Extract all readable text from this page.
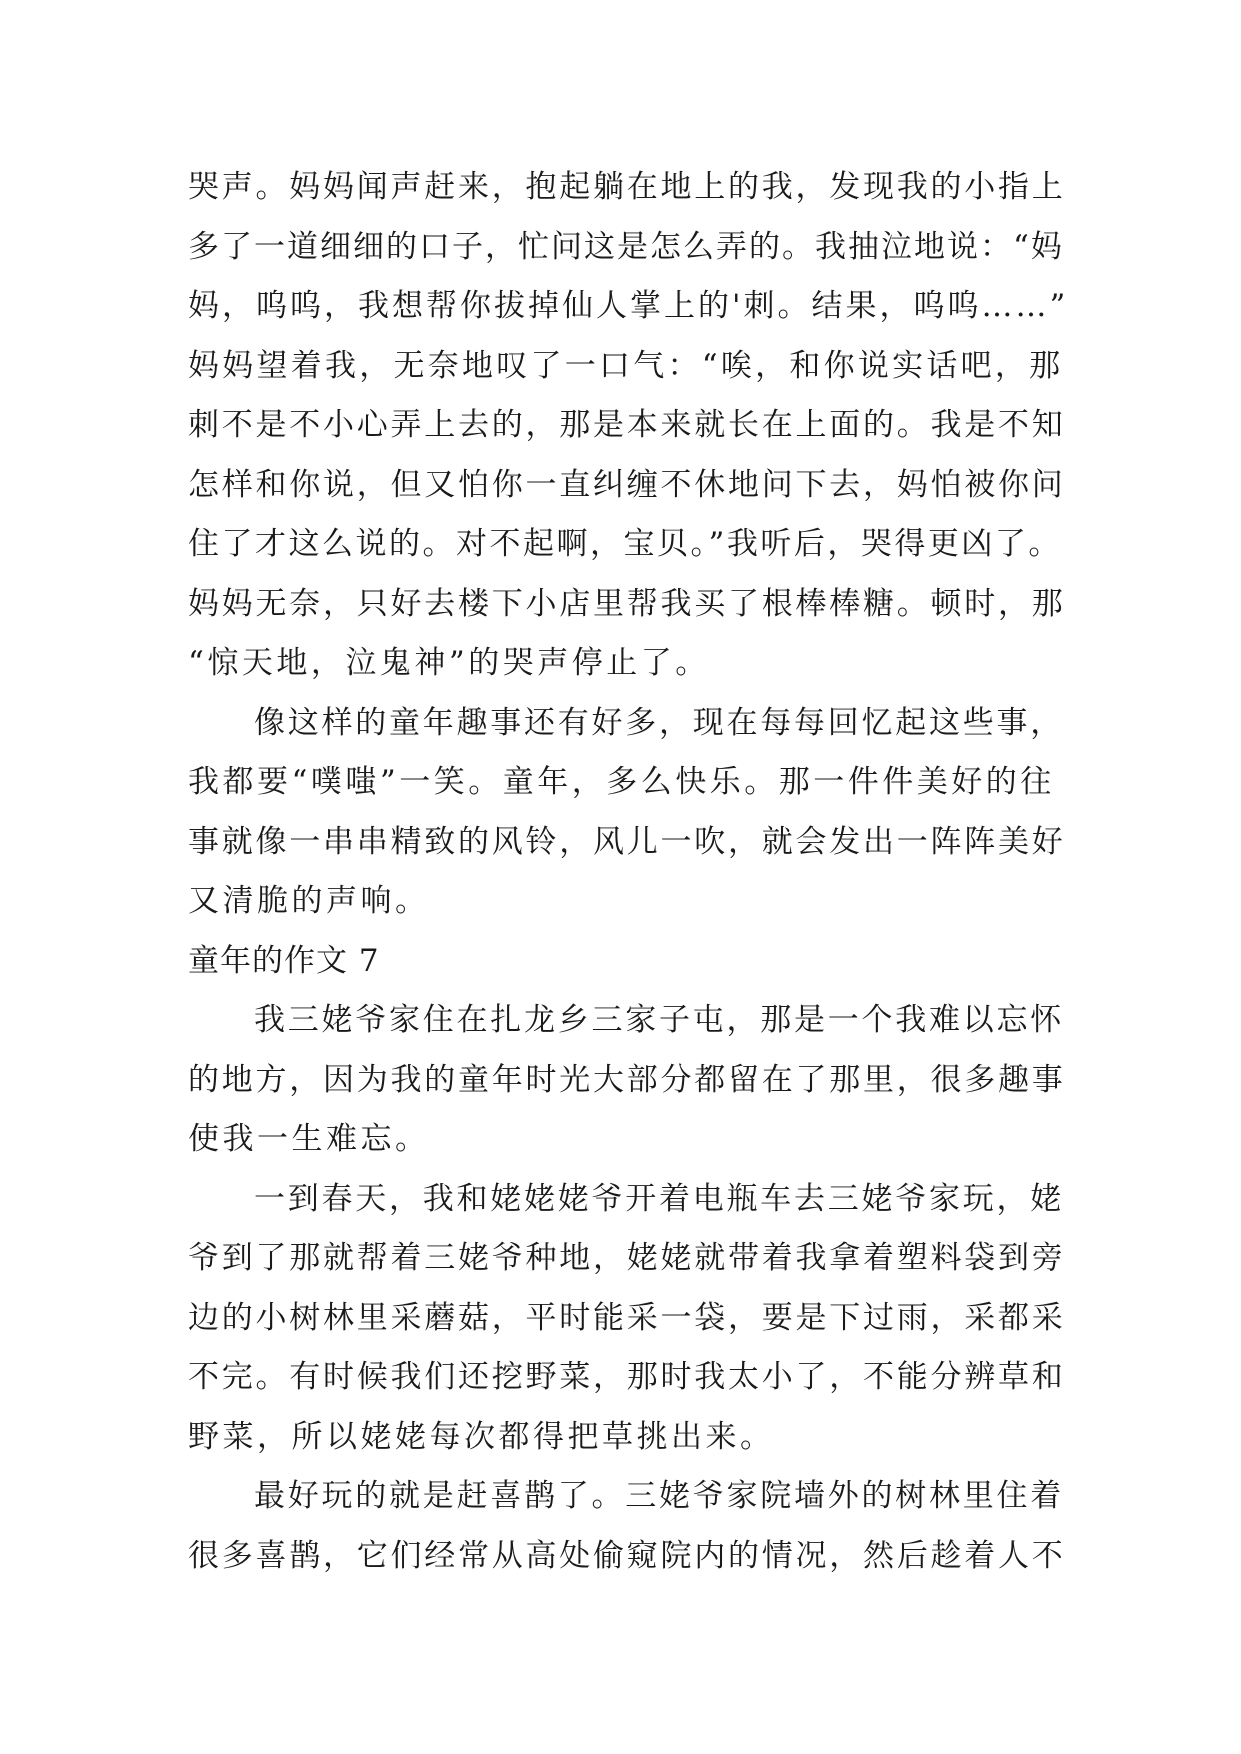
哭声。妈妈闻声赶来，抱起躺在地上的我，发现我的小指上
多了一道细细的口子，忙问这是怎么弄的。我抽泣地说：“妈
妈，呜呜，我想帮你拔掉仙人掌上的'刺。结果，呜呜……”
妈妈望着我，无奈地叹了一口气：“唉，和你说实话吧，那
刺不是不小心弄上去的，那是本来就长在上面的。我是不知
怎样和你说，但又怕你一直纠缠不休地问下去，妈怕被你问
住了才这么说的。对不起啊，宝贝。”我听后，哭得更凶了。
妈妈无奈，只好去楼下小店里帮我买了根棒棒糖。顿时，那
“惊天地，泣鬼神”的哭声停止了。
像这样的童年趣事还有好多，现在每每回忆起这些事，
我都要“噗嗤”一笑。童年，多么快乐。那一件件美好的往
事就像一串串精致的风铃，风儿一吹，就会发出一阵阵美好
又清脆的声响。
童年的作文 7
我三姥爷家住在扎龙乡三家子屯，那是一个我难以忘怀
的地方，因为我的童年时光大部分都留在了那里，很多趣事
使我一生难忘。
一到春天，我和姥姥姥爷开着电瓶车去三姥爷家玩，姥
爷到了那就帮着三姥爷种地，姥姥就带着我拿着塑料袋到旁
边的小树林里采蘑菇，平时能采一袋，要是下过雨，采都采
不完。有时候我们还挖野菜，那时我太小了，不能分辨草和
野菜，所以姥姥每次都得把草挑出来。
最好玩的就是赶喜鹊了。三姥爷家院墙外的树林里住着
很多喜鹊，它们经常从高处偷窥院内的情况，然后趁着人不
